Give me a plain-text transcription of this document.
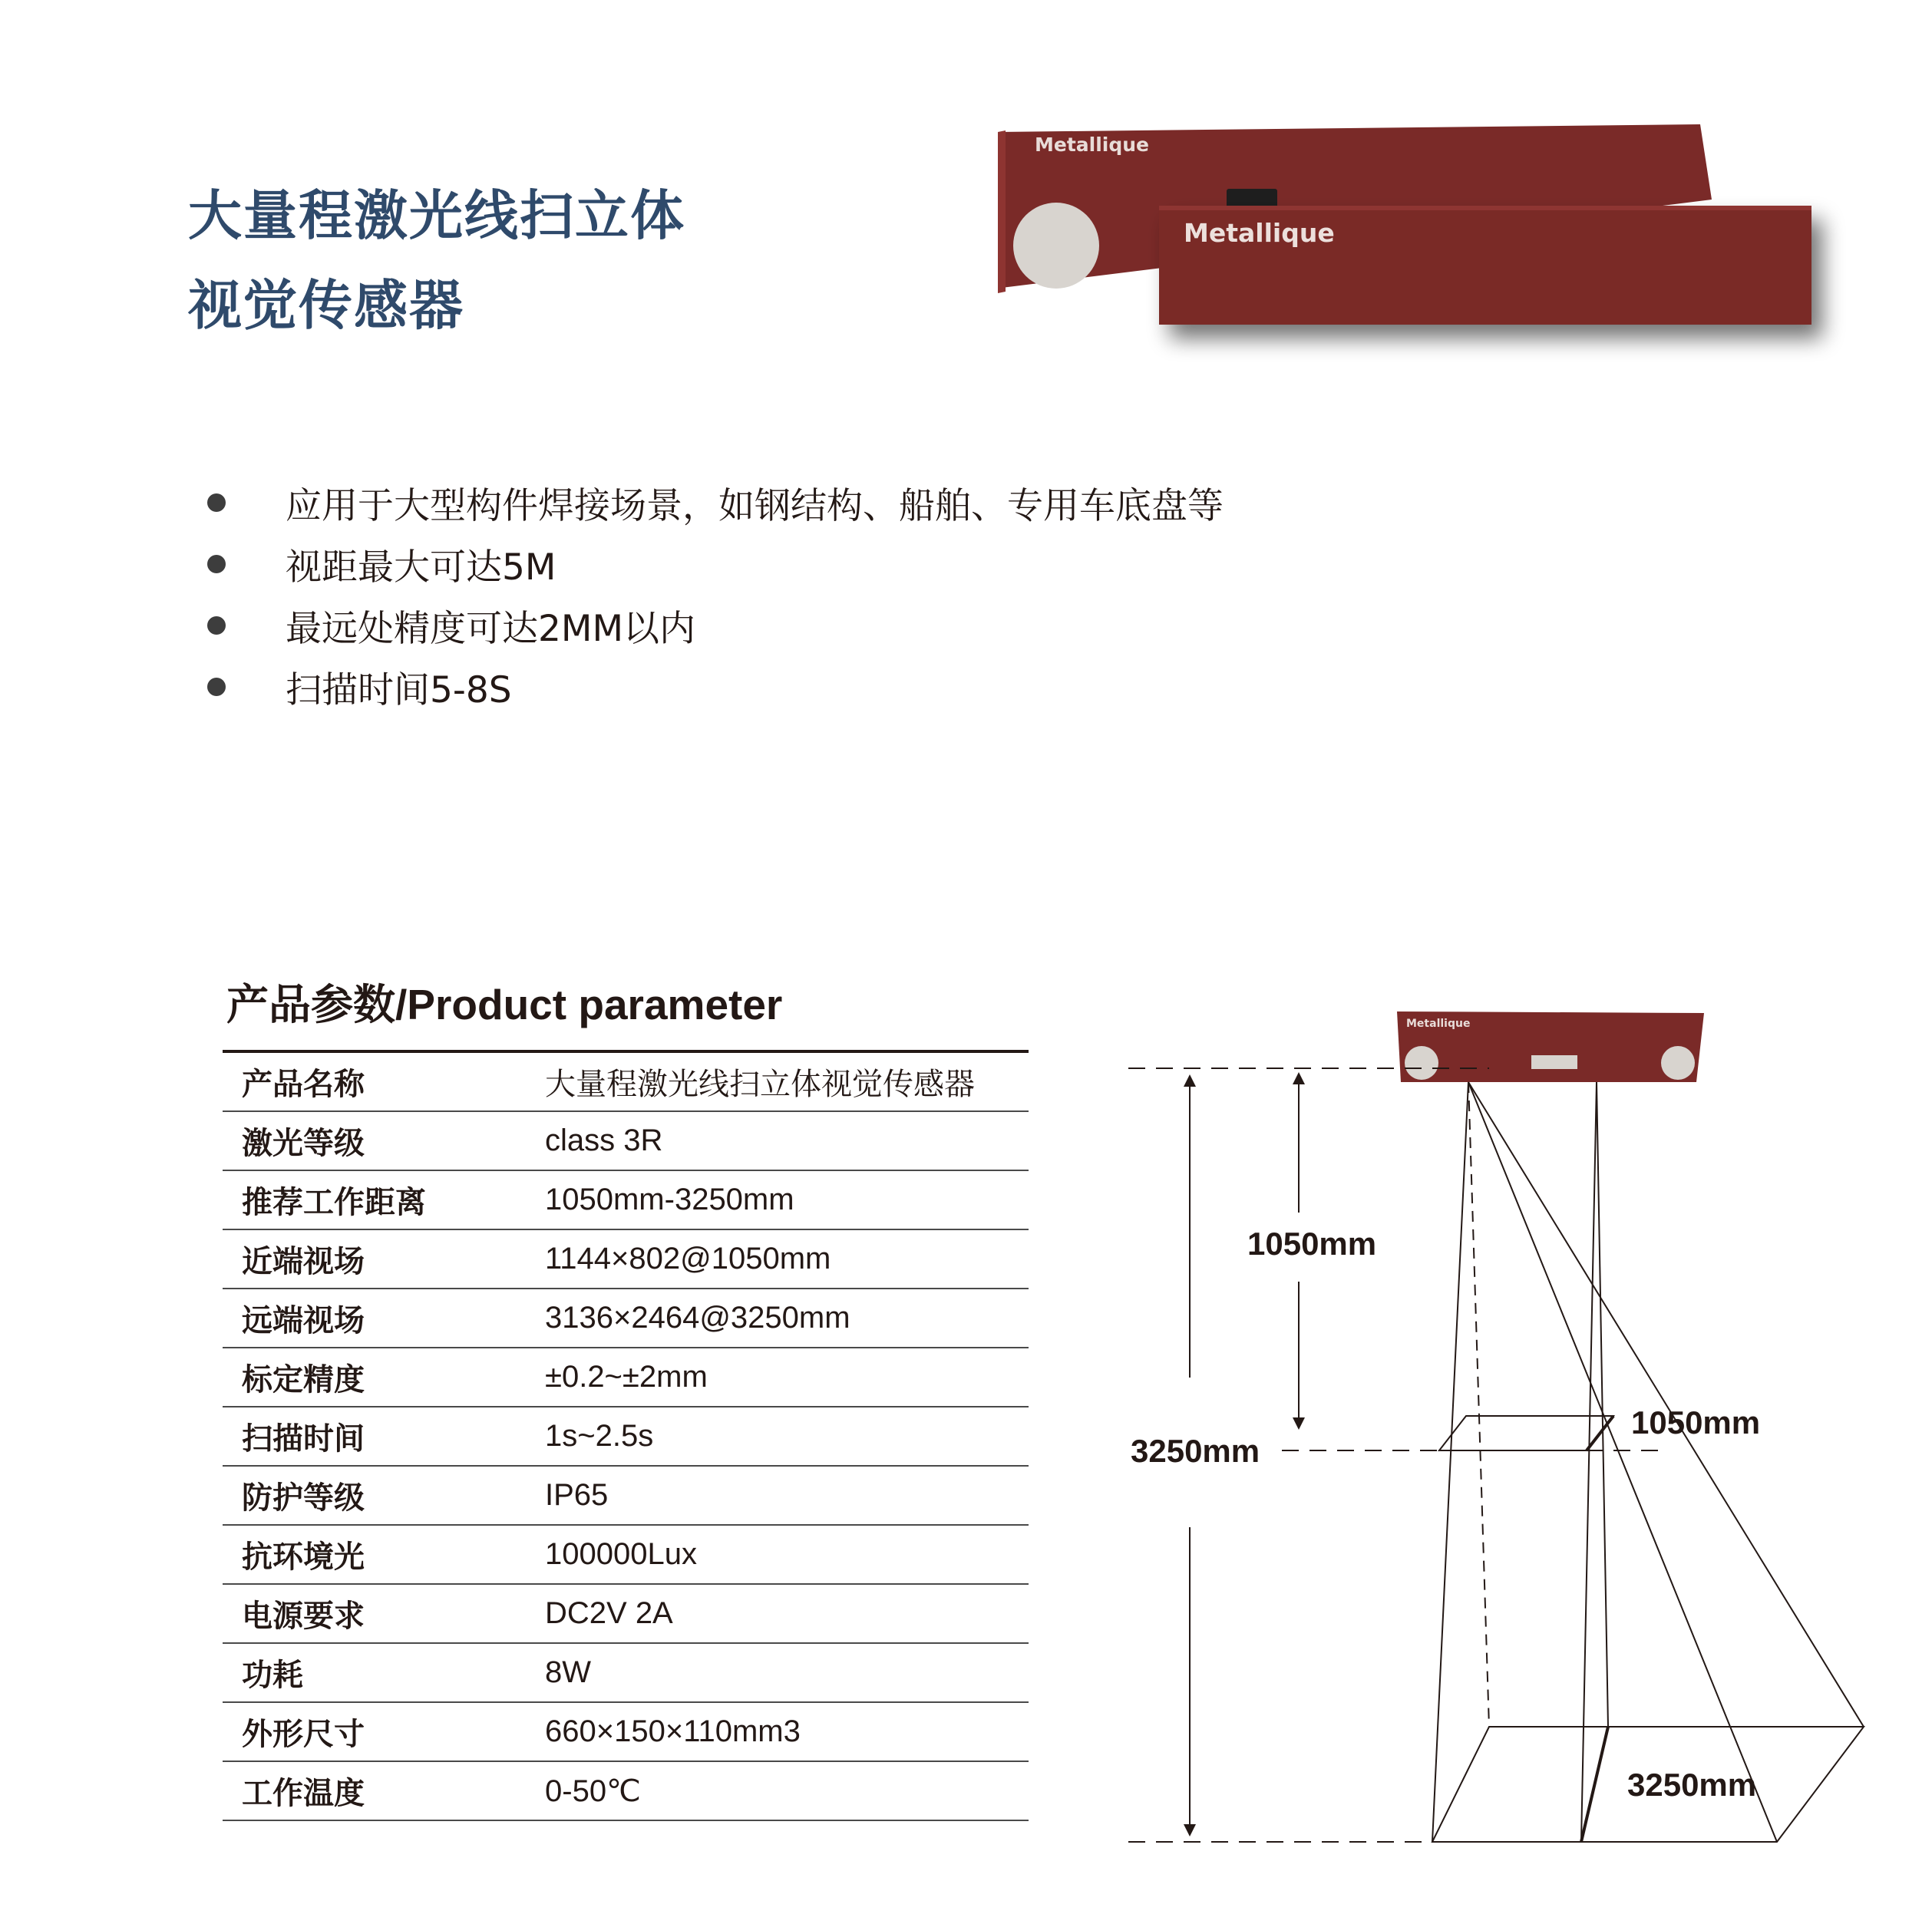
大量程激光线扫立体
视觉传感器
Metallique
Metallique
应用于大型构件焊接场景，如钢结构、船舶、专用车底盘等
视距最大可达5M
最远处精度可达2MM以内
扫描时间5-8S
产品参数/Product parameter
产品名称	大量程激光线扫立体视觉传感器
激光等级	class 3R
推荐工作距离	1050mm-3250mm
近端视场	1144×802@1050mm
远端视场	3136×2464@3250mm
标定精度	±0.2~±2mm
扫描时间	1s~2.5s
防护等级	IP65
抗环境光	100000Lux
电源要求	DC2V 2A
功耗	8W
外形尺寸	660×150×110mm3
工作温度	0-50℃
Metallique
1050mm
3250mm
1050mm
3250mm
